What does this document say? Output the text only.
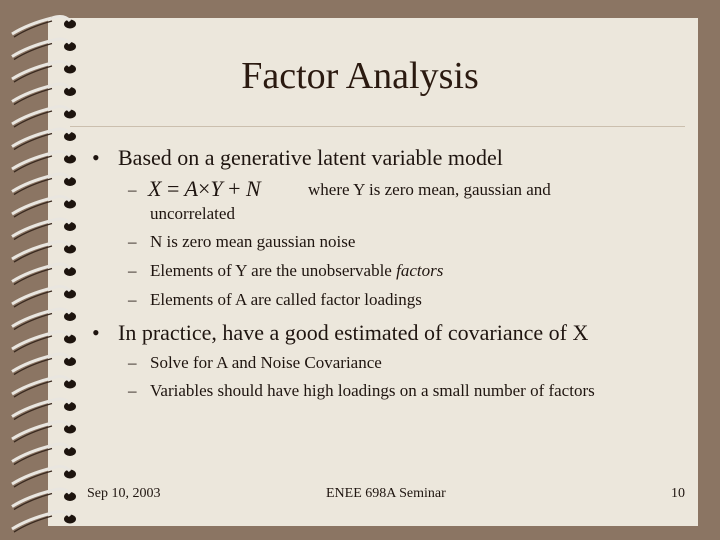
Factor Analysis
• Based on a generative latent variable model
– X = A×Y + N	where Y is zero mean, gaussian and
uncorrelated
– N is zero mean gaussian noise
– Elements of Y are the unobservable factors
– Elements of A are called factor loadings
• In practice, have a good estimated of covariance of X
– Solve for A and Noise Covariance
– Variables should have high loadings on a small number of factors
Sep 10, 2003	ENEE 698A Seminar	10
